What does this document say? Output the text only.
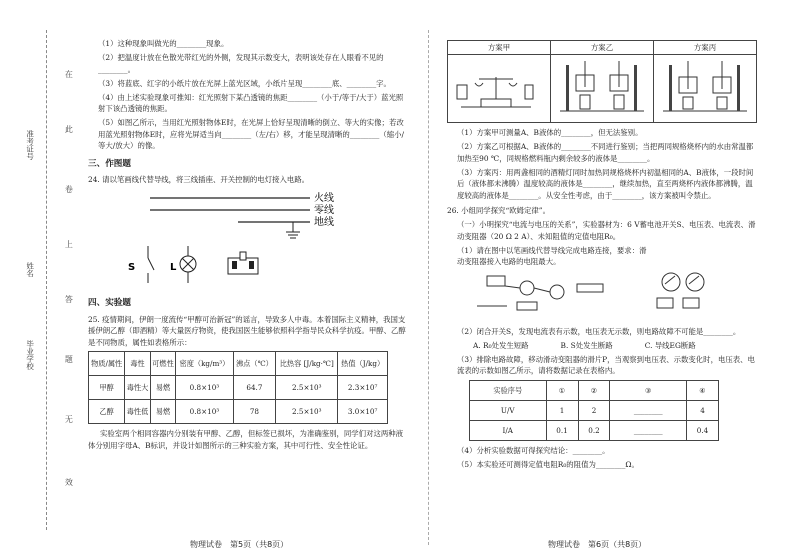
准考证号
姓名
毕业学校
在
此
卷
上
答
题
无
效
（1）这种现象叫做光的________现象。
（2）把温度计放在色散光带红光的外侧，发现其示数变大，表明该处存在人眼看不见的________。
（3）将蓝底、红字的小纸片放在光屏上蓝光区域，小纸片呈现________底、________字。
（4）由上述实验现象可推知：红光照射下某凸透镜的焦距________（小于/等于/大于）蓝光照射下该凸透镜的焦距。
（5）如图乙所示，当用红光照射物体E时，在光屏上恰好呈现清晰的倒立、等大的实像；若改用蓝光照射物体E时，应将光屏适当向________（左/右）移，才能呈现清晰的________（缩小/等大/放大）的像。
三、作图题
24. 请以笔画线代替导线，将三线插座、开关控制的电灯接入电路。
火线
零线
地线
S	L
四、实验题
25. 疫情期间，伊朗一度流传“甲醇可治新冠”的谣言，导致多人中毒。本着国际主义精神，我国支援伊朗乙醇（即酒精）等大量医疗物资，使我国医生能够依照科学指导民众科学抗疫。甲醇、乙醇是不同物质，属性如表格所示：
物质/属性	毒性	可燃性	密度（kg/m³）	沸点（℃）	比热容 [J/kg·℃]	热值（J/kg）
甲醇	毒性大	易燃	0.8×10³	64.7	2.5×10³	2.3×10⁷
乙醇	毒性低	易燃	0.8×10³	78	2.5×10³	3.0×10⁷
实验室两个相同容器内分别装有甲醇、乙醇，但标签已损坏，为准确鉴别，同学们对这两种液体分别用字母A、B标识，并设计如图所示的三种实验方案，其中可行性、安全性论证。
物理试卷　第5页（共8页）
方案甲	方案乙	方案丙

（1）方案甲可测量A、B液体的________，但无法鉴别。
（2）方案乙可根据A、B液体的________不同进行鉴别；当把两同规格烧杯内的水由常温都加热至90 ℃，同规格燃料瓶内剩余较多的液体是________。
（3）方案丙：用两盏相同的酒精灯同时加热同规格烧杯内初温相同的A、B液体，一段时间后（液体都未沸腾）温度较高的液体是________，继续加热，直至两烧杯内液体都沸腾，温度较高的液体是________。从安全性考虑，由于________，该方案被叫令禁止。
26. 小组同学探究“欧姆定律”。
（一）小明探究“电流与电压的关系”，实验器材为：6 V蓄电池开关S、电压表、电流表、滑动变阻器（20 Ω 2 A）、未知阻值的定值电阻R₀。
（1）请在图中以笔画线代替导线完成电路连接，要求：滑动变阻器接入电路的电阻最大。
（2）闭合开关S，发现电流表有示数，电压表无示数，则电路故障不可能是________。
A. R₀处发生短路	B. S处发生断路	C. 导线EG断路
（3）排除电路故障，移动滑动变阻器的滑片P，当观察到电压表、示数变化时，电压表、电流表的示数如图乙所示，请将数据记录在表格内。
实验序号	①	②	③	④
U/V	1	2	________	4
I/A	0.1	0.2	________	0.4
（4）分析实验数据可得探究结论：________。
（5）本实验还可测得定值电阻R₀的阻值为________Ω。
物理试卷　第6页（共8页）
